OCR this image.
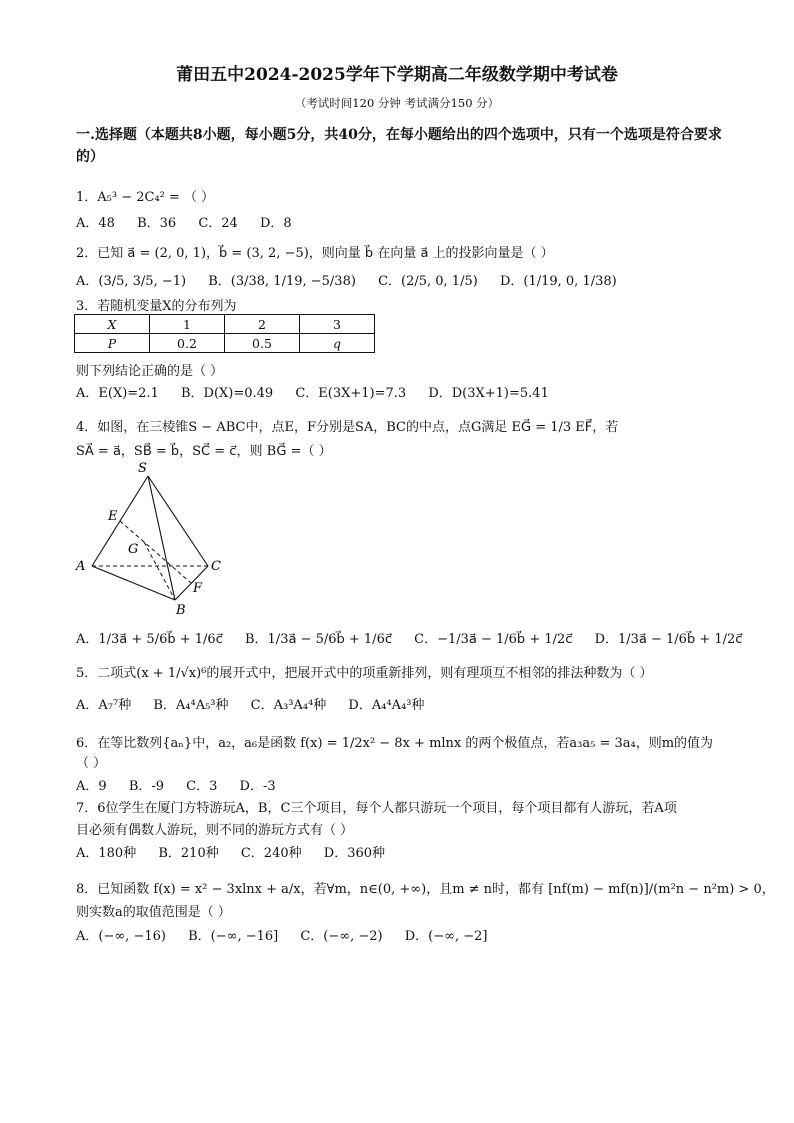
莆田五中2024-2025学年下学期高二年级数学期中考试卷
（考试时间120 分钟 考试满分150 分）
一.选择题（本题共8小题，每小题5分，共40分，在每小题给出的四个选项中，只有一个选项是符合要求的）
1．A₅³ − 2C₄² = （ ）
A．48 B．36 C．24 D．8
2．已知 a⃗ = (2, 0, 1)，b⃗ = (3, 2, −5)，则向量 b⃗ 在向量 a⃗ 上的投影向量是（ ）
A．(3/5, 3/5, −1) B．(3/38, 1/19, −5/38) C．(2/5, 0, 1/5) D．(1/19, 0, 1/38)
3．若随机变量X的分布列为
X	1	2	3
P	0.2	0.5	q
则下列结论正确的是（ ）
A．E(X)=2.1 B．D(X)=0.49 C．E(3X+1)=7.3 D．D(3X+1)=5.41
4．如图，在三棱锥S − ABC中，点E，F分别是SA，BC的中点，点G满足 EG⃗ = 1/3 EF⃗，若
SA⃗ = a⃗，SB⃗ = b⃗，SC⃗ = c⃗，则 BG⃗ =（ ）
S
E
G
A	C
F
B
A．1/3a⃗ + 5/6b⃗ + 1/6c⃗ B．1/3a⃗ − 5/6b⃗ + 1/6c⃗ C．−1/3a⃗ − 1/6b⃗ + 1/2c⃗ D．1/3a⃗ − 1/6b⃗ + 1/2c⃗
5．二项式(x + 1/√x)⁶的展开式中，把展开式中的项重新排列，则有理项互不相邻的排法种数为（ ）
A．A₇⁷种 B．A₄⁴A₅³种 C．A₃³A₄⁴种 D．A₄⁴A₄³种
6．在等比数列{aₙ}中，a₂，a₆是函数 f(x) = 1/2x² − 8x + mlnx 的两个极值点，若a₃a₅ = 3a₄，则m的值为
（ ）
A．9 B．-9 C．3 D．-3
7．6位学生在厦门方特游玩A，B，C三个项目，每个人都只游玩一个项目，每个项目都有人游玩，若A项
目必须有偶数人游玩，则不同的游玩方式有（ ）
A．180种 B．210种 C．240种 D．360种
8．已知函数 f(x) = x² − 3xlnx + a/x，若∀m，n∈(0, +∞)，且m ≠ n时，都有 [nf(m) − mf(n)]/(m²n − n²m) > 0，
则实数a的取值范围是（ ）
A．(−∞, −16) B．(−∞, −16] C．(−∞, −2) D．(−∞, −2]
